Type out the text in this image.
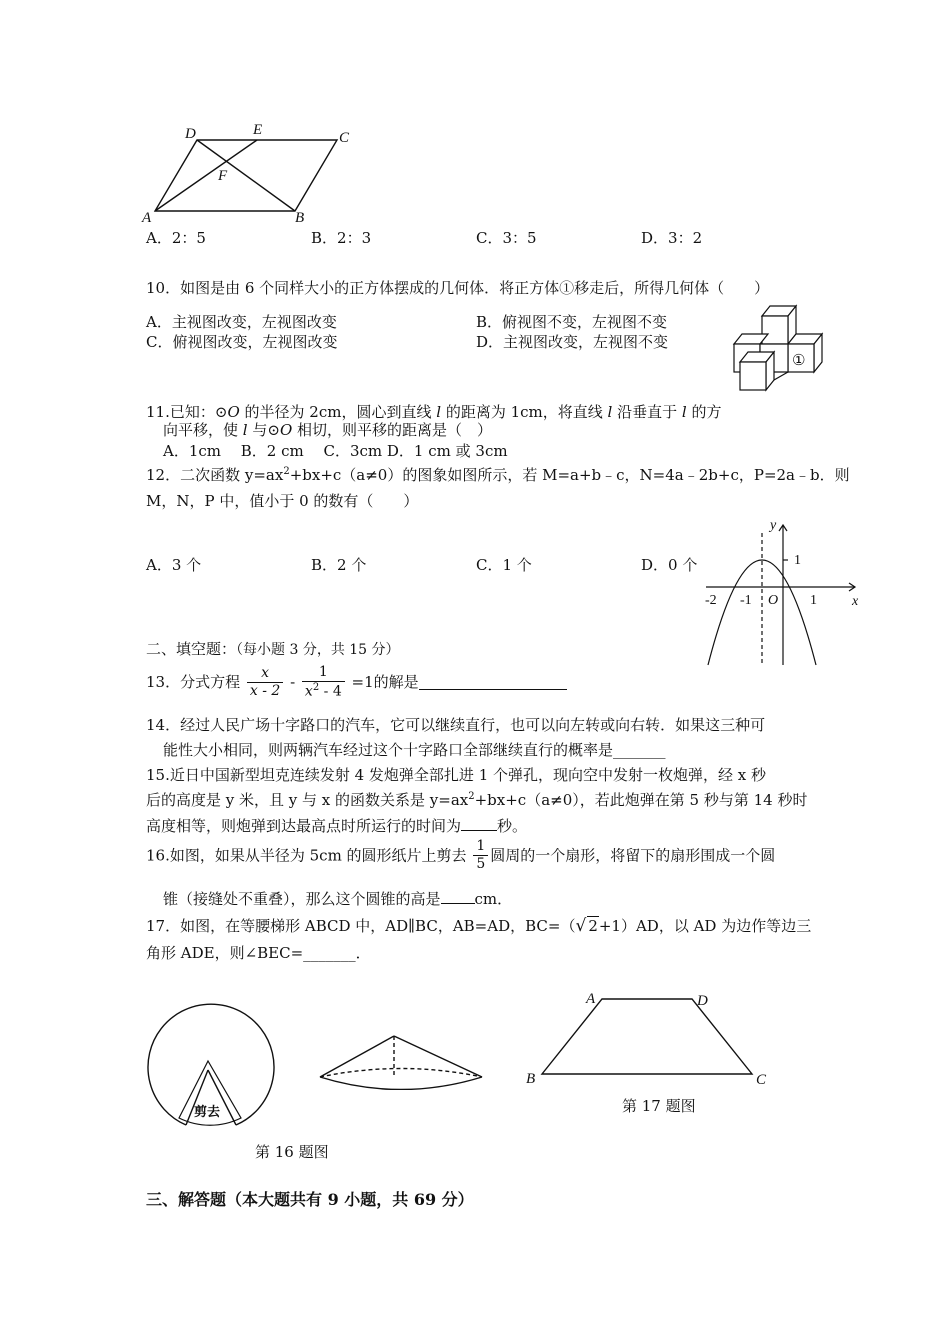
D	E	C
F
A	B
A．2：5	B．2：3	C．3：5	D．3：2
10．如图是由 6 个同样大小的正方体摆成的几何体．将正方体①移走后，所得几何体（　　）
A．主视图改变，左视图改变	B．俯视图不变，左视图不变
C．俯视图改变，左视图改变	D．主视图改变，左视图不变
①
11.已知：⊙O 的半径为 2cm，圆心到直线 l 的距离为 1cm，将直线 l 沿垂直于 l 的方
向平移，使 l 与⊙O 相切，则平移的距离是（　）
A．1cm　 B．2 cm　 C．3cm D．1 cm 或 3cm
12．二次函数 $y=ax^2+bx+c(a\ne 0)$的图象如图所示，若 M=a+b﹣c，N=4a﹣2b+c，P=2a﹣b．则
M，N，P 中，值小于 0 的数有（　　）
A．3 个	B．2 个	C．1 个	D．0 个
y
x
O
-2 -1	1
1
二、填空题：（每小题 3 分，共 15 分）
13．分式方程 $\frac{x}{x - 2} - \frac{1}{x^2 - 4} =1$的解是
14．经过人民广场十字路口的汽车，它可以继续直行，也可以向左转或向右转．如果这三种可
能性大小相同，则两辆汽车经过这个十字路口全部继续直行的概率是_______
15.近日中国新型坦克连续发射 4 发炮弹全部扎进 1 个弹孔，现向空中发射一枚炮弹，经 x 秒
后的高度是 y 米，且 y 与 x 的函数关系是 $y=ax^2+bx+c(a\ne 0)$，若此炮弹在第 5 秒与第 14 秒时
高度相等，则炮弹到达最高点时所运行的时间为 秒。
16.如图，如果从半径为 5cm 的圆形纸片上剪去 $\frac{1}{5}$ 圆周的一个扇形，将留下的扇形围成一个圆
锥（接缝处不重叠），那么这个圆锥的高是 cm．
17．如图，在等腰梯形 ABCD 中，AD∥BC，AB=AD，BC=（√ 2+1）AD，以 AD 为边作等边三
角形 ADE，则∠BEC=_______．
剪去
第 16 题图
A	D
B	C
第 17 题图
三、解答题（本大题共有 9 小题，共 69 分）
